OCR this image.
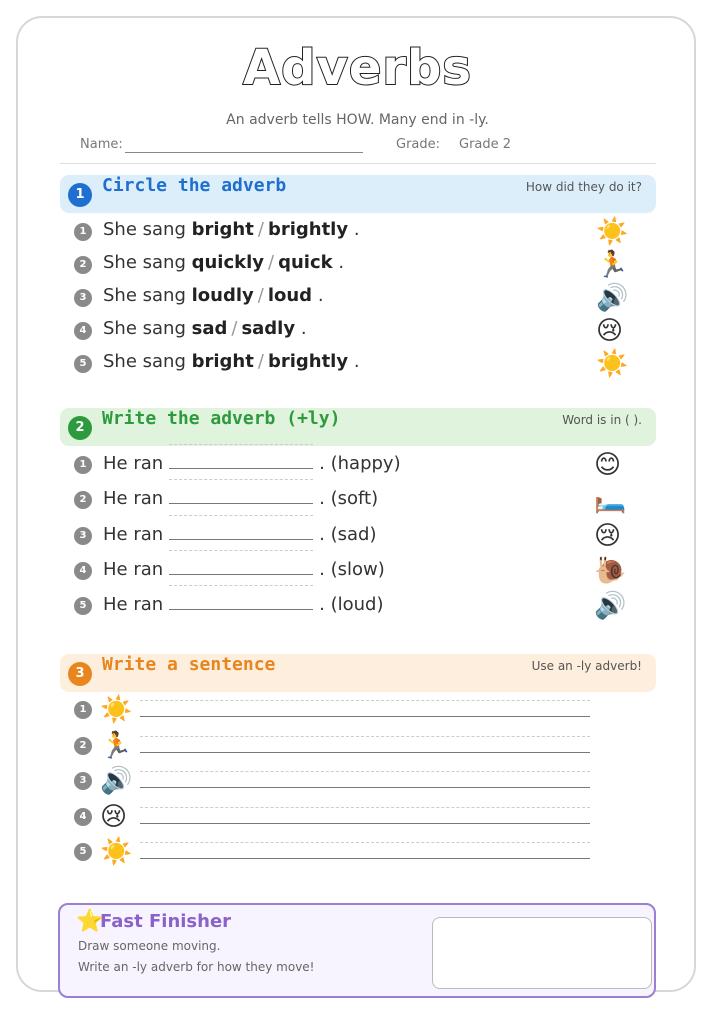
Adverbs
An adverb tells HOW. Many end in -ly.
Name:	Grade: Grade 2
1 Circle the adverb	How did they do it?
1 She sang bright / brightly .	☀️
2 She sang quickly / quick .	🏃
3 She sang loudly / loud .	🔊
4 She sang sad / sadly .	😢
5 She sang bright / brightly .	☀️
2 Write the adverb (+ly)	Word is in ( ).
1 He ran	. (happy)	😊
2 He ran	. (soft)	🛏️
3 He ran	. (sad)	😢
4 He ran	. (slow)	🐌
5 He ran	. (loud)	🔊
3 Write a sentence	Use an -ly adverb!
1 ☀️
2 🏃
3 🔊
4 😢
5 ☀️
⭐
Fast Finisher
Draw someone moving.
Write an -ly adverb for how they move!
